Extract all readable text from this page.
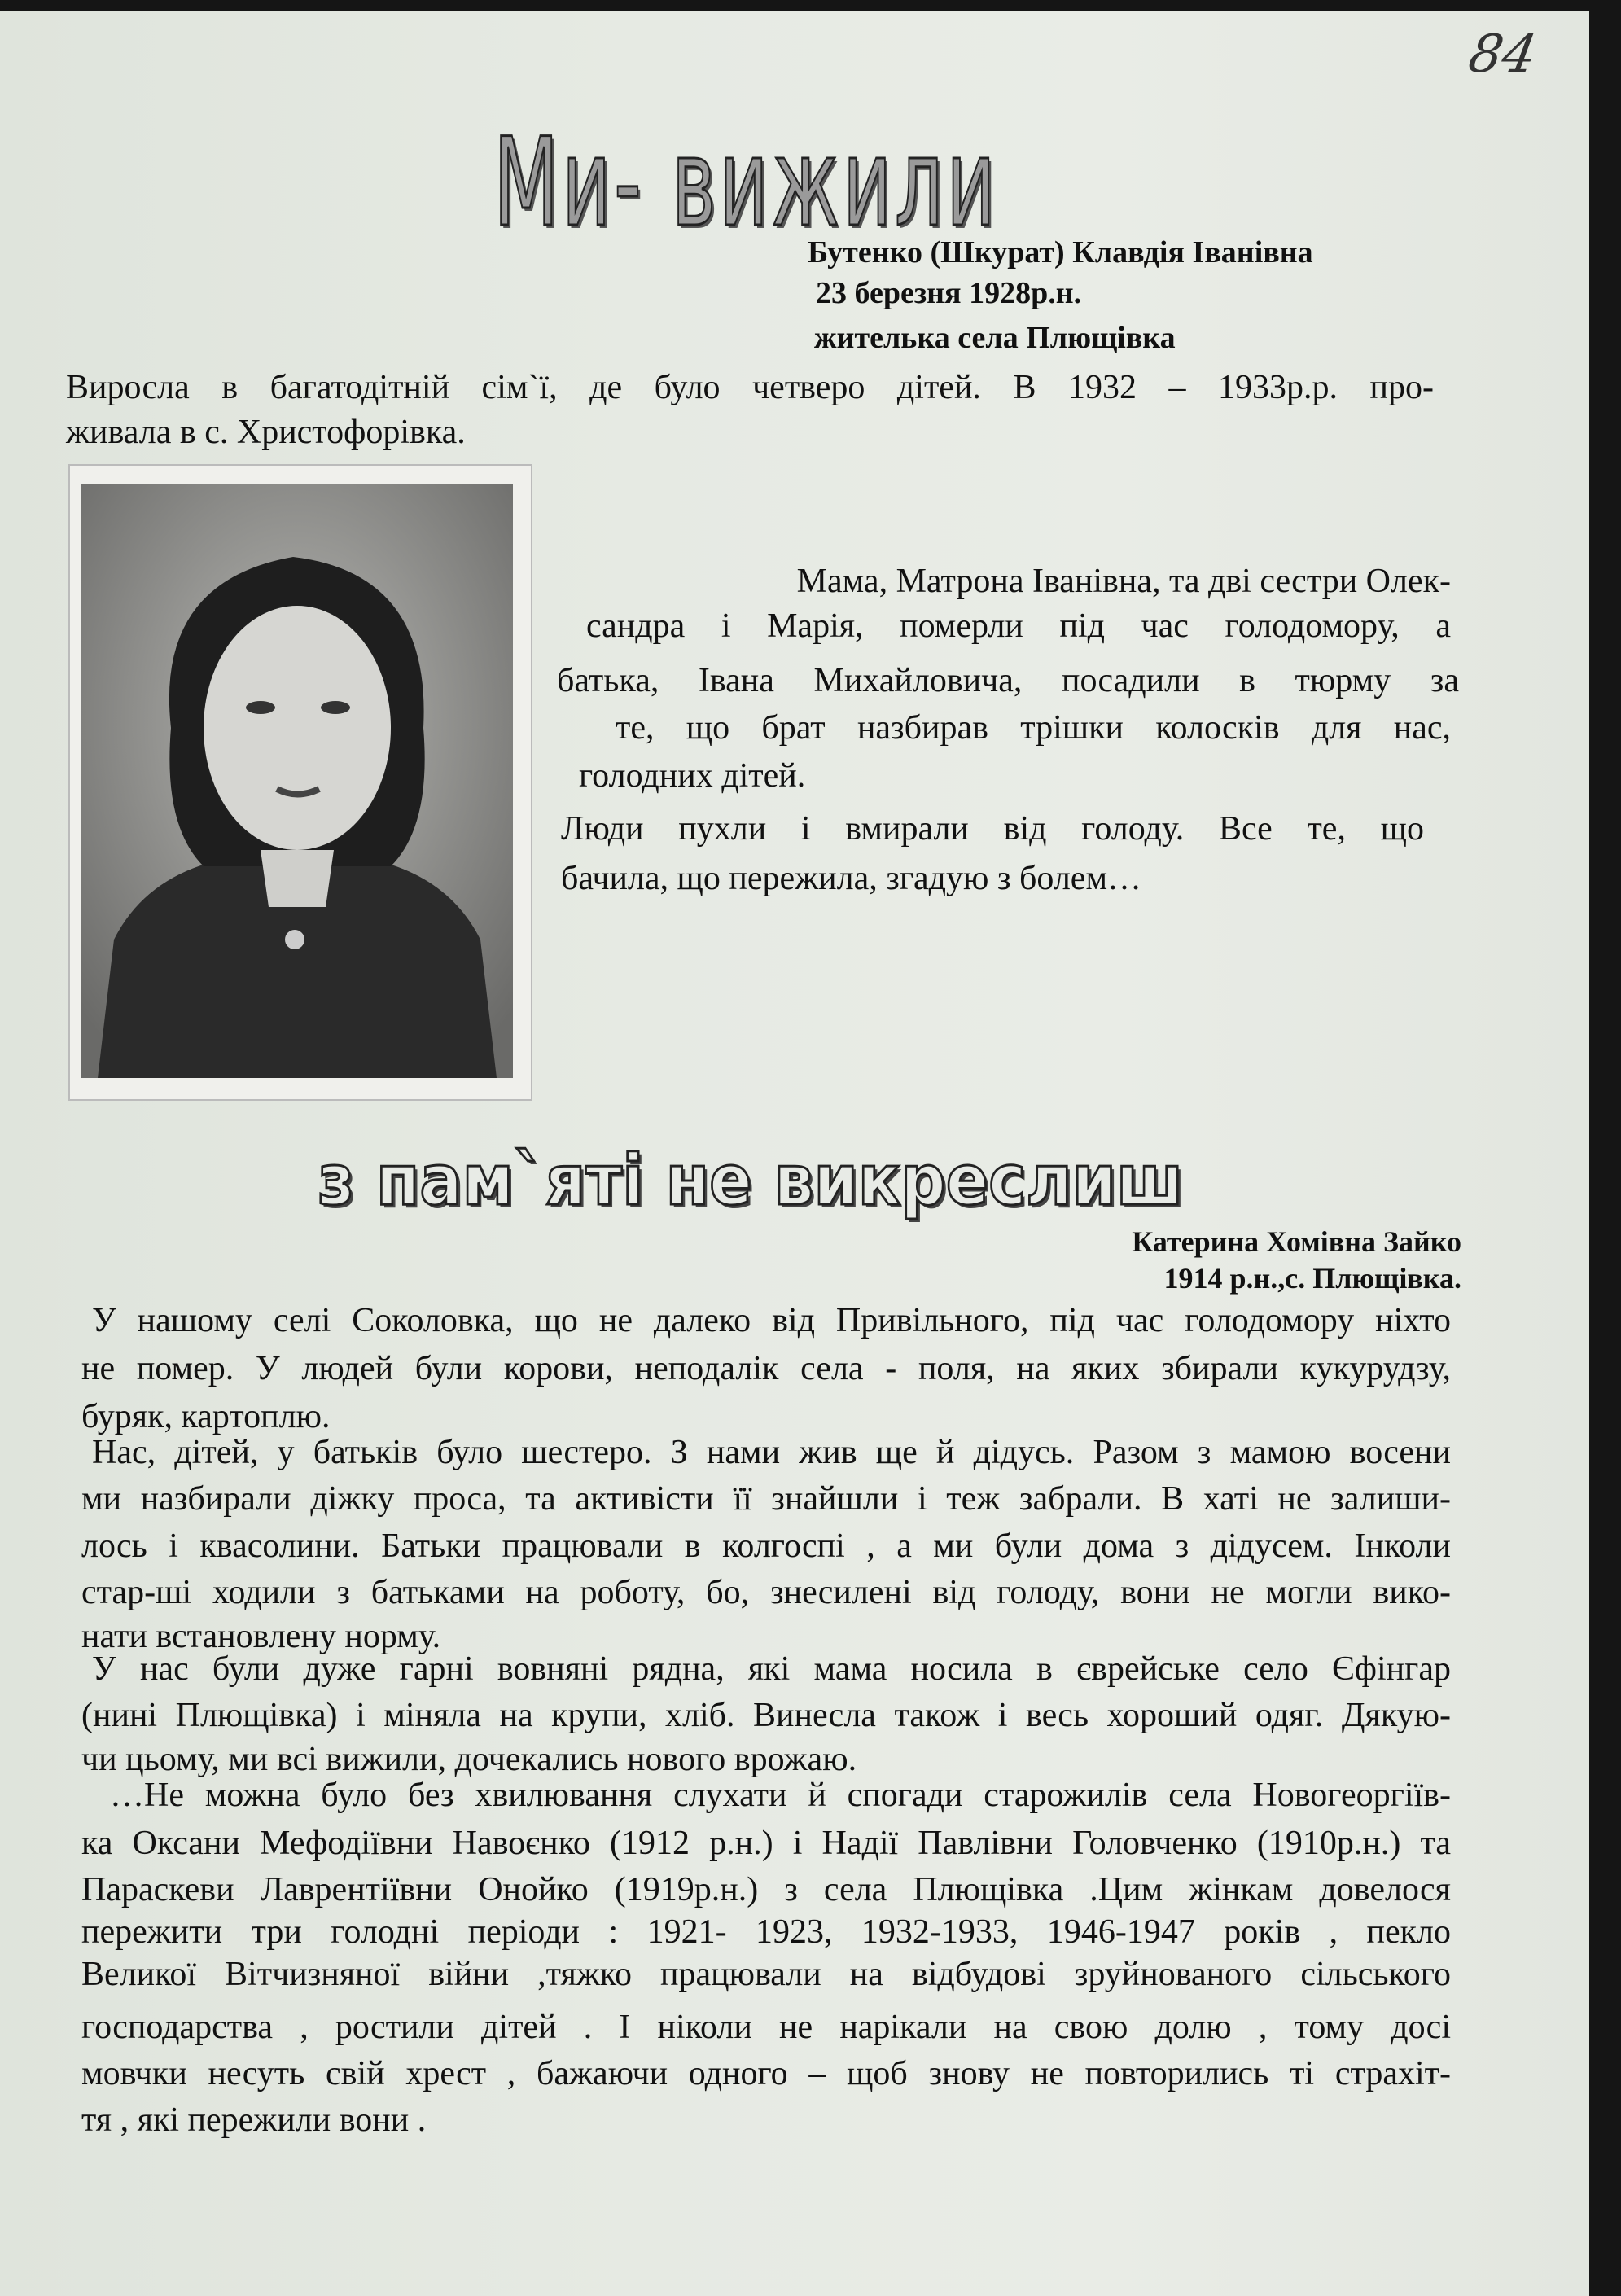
84
Ми- вижили
Бутенко (Шкурат) Клавдія Іванівна
23 березня 1928р.н.
жителька села Плющівка
Виросла в багатодітній сім`ї, де було четверо дітей. В 1932 – 1933р.р. про-
живала в с. Христофорівка.
Мама, Матрона Іванівна, та дві сестри Олек-
сандра і Марія, померли під час голодомору, а
батька, Івана Михайловича, посадили в тюрму за
те, що брат назбирав трішки колосків для нас,
голодних дітей.
Люди пухли і вмирали від голоду. Все те, що
бачила, що пережила, згадую з болем…
з пам`яті не викреслиш
Катерина Хомівна Зайко
1914 р.н.,с. Плющівка.
У нашому селі Соколовка, що не далеко від Привільного, під час голодомору ніхто
не помер. У людей були корови, неподалік села - поля, на яких збирали кукурудзу,
буряк, картоплю.
Нас, дітей, у батьків було шестеро. З нами жив ще й дідусь. Разом з мамою восени
ми назбирали діжку проса, та активісти її знайшли і теж забрали. В хаті не залиши-
лось і квасолини. Батьки працювали в колгоспі , а ми були дома з дідусем. Інколи
стар-ші ходили з батьками на роботу, бо, знесилені від голоду, вони не могли вико-
нати встановлену норму.
У нас були дуже гарні вовняні рядна, які мама носила в єврейське село Єфінгар
(нині Плющівка) і міняла на крупи, хліб. Винесла також і весь хороший одяг. Дякую-
чи цьому, ми всі вижили, дочекались нового врожаю.
…Не можна було без хвилювання слухати й спогади старожилів села Новогеоргіїв-
ка Оксани Мефодіївни Навоєнко (1912 р.н.) і Надії Павлівни Головченко (1910р.н.) та
Параскеви Лаврентіївни Онойко (1919р.н.) з села Плющівка .Цим жінкам довелося
пережити три голодні періоди : 1921- 1923, 1932-1933, 1946-1947 років , пекло
Великої Вітчизняної війни ,тяжко працювали на відбудові зруйнованого сільського
господарства , ростили дітей . І ніколи не нарікали на свою долю , тому досі
мовчки несуть свій хрест , бажаючи одного – щоб знову не повторились ті страхіт-
тя , які пережили вони .
